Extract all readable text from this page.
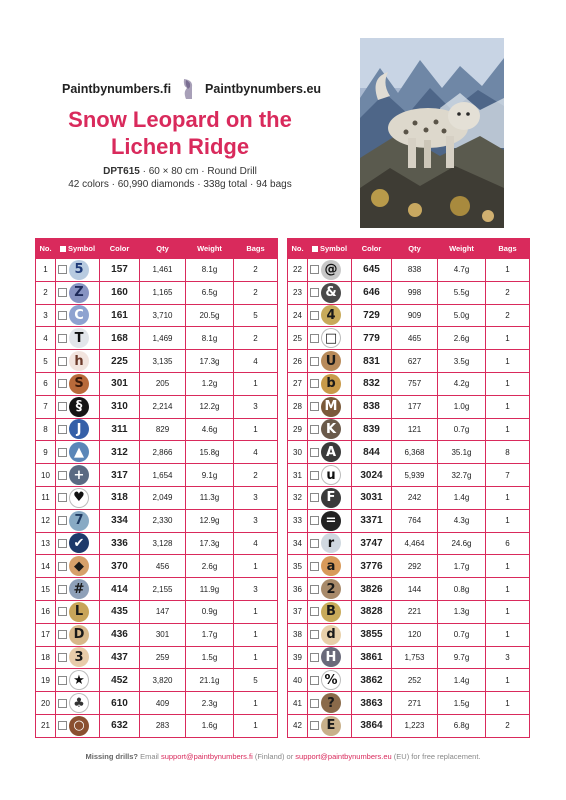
Paintbynumbers.fi	Paintbynumbers.eu
Snow Leopard on the Lichen Ridge
DPT615 · 60 × 80 cm · Round Drill
42 colors · 60,990 diamonds · 338g total · 94 bags
No.	Symbol	Color	Qty	Weight	Bags
1	5	157	1,461	8.1g	2
2	Z	160	1,165	6.5g	2
3	C	161	3,710	20.5g	5
4	T	168	1,469	8.1g	2
5	h	225	3,135	17.3g	4
6	S	301	205	1.2g	1
7	§	310	2,214	12.2g	3
8	J	311	829	4.6g	1
9	▲	312	2,866	15.8g	4
10	+	317	1,654	9.1g	2
11	♥	318	2,049	11.3g	3
12	7	334	2,330	12.9g	3
13	✔	336	3,128	17.3g	4
14	◆	370	456	2.6g	1
15	#	414	2,155	11.9g	3
16	L	435	147	0.9g	1
17	D	436	301	1.7g	1
18	3	437	259	1.5g	1
19	★	452	3,820	21.1g	5
20	♣	610	409	2.3g	1
21	○	632	283	1.6g	1
No.	Symbol	Color	Qty	Weight	Bags
22	@	645	838	4.7g	1
23	&	646	998	5.5g	2
24	4	729	909	5.0g	2
25	□	779	465	2.6g	1
26	U	831	627	3.5g	1
27	b	832	757	4.2g	1
28	M	838	177	1.0g	1
29	K	839	121	0.7g	1
30	A	844	6,368	35.1g	8
31	u	3024	5,939	32.7g	7
32	F	3031	242	1.4g	1
33	=	3371	764	4.3g	1
34	r	3747	4,464	24.6g	6
35	a	3776	292	1.7g	1
36	2	3826	144	0.8g	1
37	B	3828	221	1.3g	1
38	d	3855	120	0.7g	1
39	H	3861	1,753	9.7g	3
40	%	3862	252	1.4g	1
41	?	3863	271	1.5g	1
42	E	3864	1,223	6.8g	2
Missing drills? Email support@paintbynumbers.fi (Finland) or support@paintbynumbers.eu (EU) for free replacement.
